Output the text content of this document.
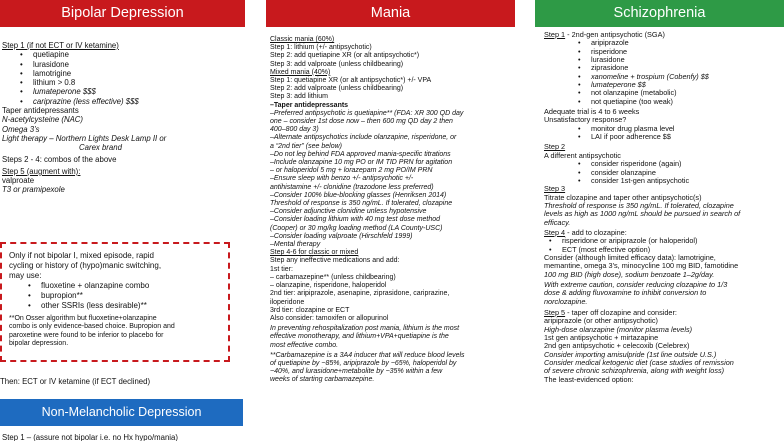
Bipolar Depression
Step 1 (if not ECT or IV ketamine)
• quetiapine
• lurasidone
• lamotrigine
• lithium > 0.8
• lumateperone $$$
• cariprazine (less effective) $$$
Taper antidepressants
N-acetylcysteine (NAC)
Omega 3’s
Light therapy – Northern Lights Desk Lamp II or
Carex brand
Steps 2 - 4: combos of the above
Step 5 (augment with):
valproate
T3 or pramipexole
Only if not bipolar I, mixed episode, rapid
cycling or history of (hypo)manic switching,
may use:
• fluoxetine + olanzapine combo
• bupropion**
• other SSRIs (less desirable)**
**On Osser algorithm but fluoxetine+olanzapine
combo is only evidence-based choice. Bupropion and
paroxetine were found to be inferior to placebo for
bipolar depression.
Then: ECT or IV ketamine (if ECT declined)
Non-Melancholic Depression
Step 1 – (assure not bipolar i.e. no Hx hypo/mania)
Mania
Classic mania (60%)
Step 1: lithium (+/- antipsychotic)
Step 2: add quetiapine XR (or alt antipsychotic*)
Step 3: add valproate (unless childbearing)
Mixed mania (40%)
Step 1: quetiapine XR (or alt antipsychotic*) +/- VPA
Step 2: add valproate (unless childbearing)
Step 3: add lithium
–Taper antidepressants
–Preferred antipsychotic is quetiapine** (FDA: XR 300 QD day
one – consider 1st dose now – then 600 mg QD day 2 then
400–800 day 3)
–Alternate antipsychotics include olanzapine, risperidone, or
a “2nd tier” (see below)
–Do not leg behind FDA approved mania-specific titrations
–Include olanzapine 10 mg PO or IM TID PRN for agitation
– or haloperidol 5 mg + lorazepam 2 mg PO/IM PRN
–Ensure sleep with benzo +/- antipsychotic +/-
antihistamine +/- clonidine (trazodone less preferred)
–Consider 100% blue-blocking glasses (Henriksen 2014)
Threshold of response is 350 ng/mL. If tolerated, clozapine
–Consider adjunctive clonidine unless hypotensive
–Consider loading lithium with 40 mg test dose method
(Cooper) or 30 mg/kg loading method (LA County-USC)
–Consider loading valproate (Hirschfeld 1999)
–Mental therapy
Step 4-6 for classic or mixed
Step any ineffective medications and add:
1st tier:
– carbamazepine** (unless childbearing)
– olanzapine, risperidone, haloperidol
2nd tier: aripiprazole, asenapine, ziprasidone, cariprazine,
iloperidone
3rd tier: clozapine or ECT
Also consider: tamoxifen or allopurinol
In preventing rehospitalization post mania, lithium is the most
effective monotherapy, and lithium+VPA+quetiapine is the
most effective combo.
**Carbamazepine is a 3A4 inducer that will reduce blood levels
of quetiapine by ~85%, aripiprazole by ~65%, haloperidol by
~40%, and lurasidone+metabolite by ~35% within a few
weeks of starting carbamazepine.
Schizophrenia
Step 1 - 2nd-gen antipsychotic (SGA)
• aripiprazole
• risperidone
• lurasidone
• ziprasidone
• xanomeline + trospium (Cobenfy) $$
• lumateperone $$
• not olanzapine (metabolic)
• not quetiapine (too weak)
Adequate trial is 4 to 6 weeks
Unsatisfactory response?
• monitor drug plasma level
• LAI if poor adherence $$
Step 2
A different antipsychotic
• consider risperidone (again)
• consider olanzapine
• consider 1st-gen antipsychotic
Step 3
Titrate clozapine and taper other antipsychotic(s)
Threshold of response is 350 ng/mL. If tolerated, clozapine
levels as high as 1000 ng/mL should be pursued in search of
efficacy.
Step 4 - add to clozapine:
• risperidone or aripiprazole (or haloperidol)
• ECT (most effective option)
Consider (although limited efficacy data): lamotrigine,
memantine, omega 3’s, minocycline 100 mg BID, famotidine
100 mg BID (high dose), sodium benzoate 1–2g/day.
With extreme caution, consider reducing clozapine to 1/3
dose & adding fluvoxamine to inhibit conversion to
norclozapine.
Step 5 - taper off clozapine and consider:
aripiprazole (or other antipsychotic)
High-dose olanzapine (monitor plasma levels)
1st gen antipsychotic + mirtazapine
2nd gen antipsychotic + celecoxib (Celebrex)
Consider importing amisulpride (1st line outside U.S.)
Consider medical ketogenic diet (case studies of remission
of severe chronic schizophrenia, along with weight loss)
The least-evidenced option:
